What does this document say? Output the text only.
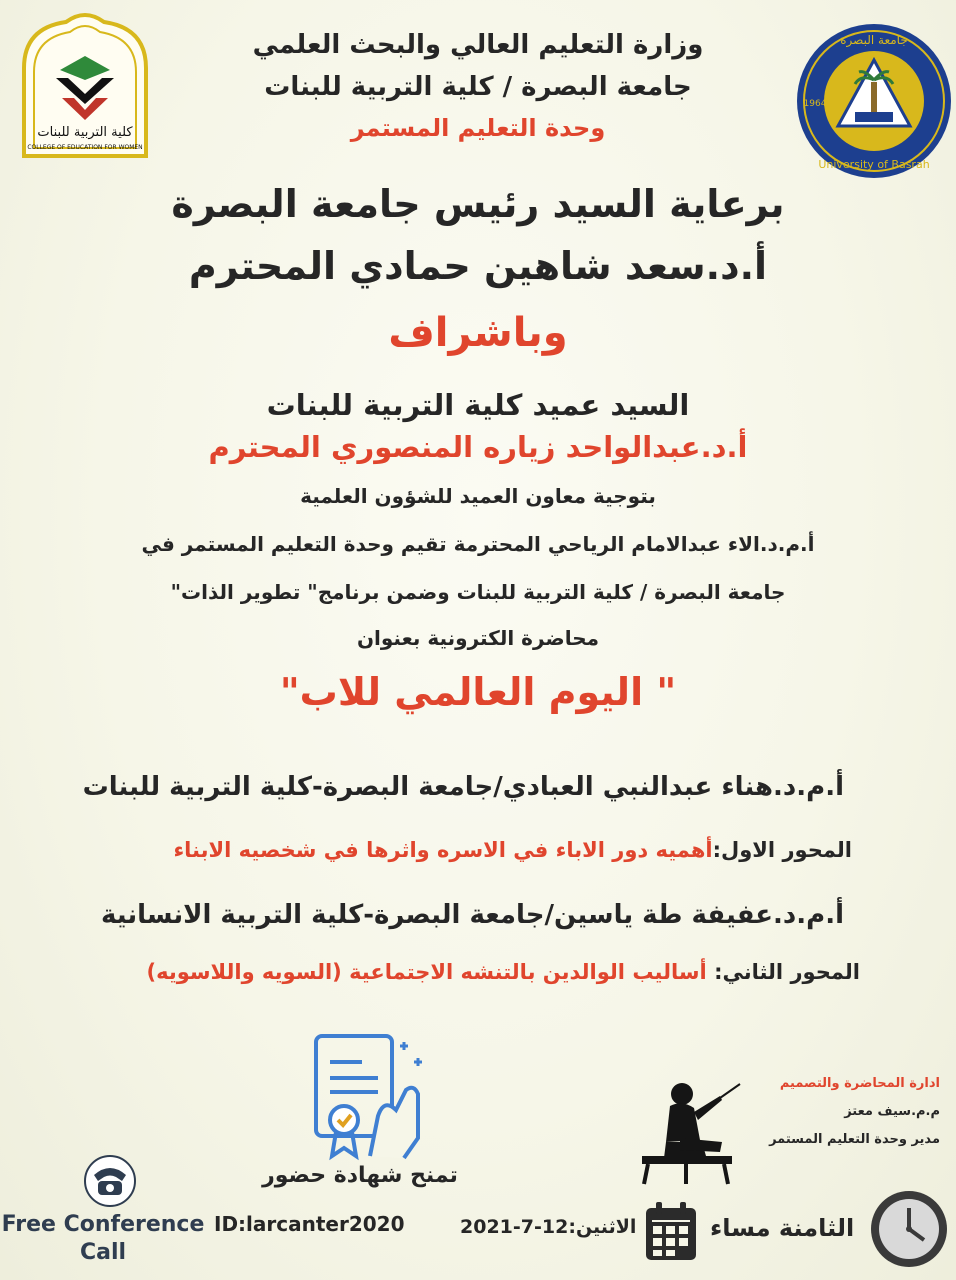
كلية التربية للبنات
COLLEGE OF EDUCATION FOR WOMEN
جامعة البصرة
University of Basrah
1964
وزارة التعليم العالي والبحث العلمي
جامعة البصرة / كلية التربية للبنات
وحدة التعليم المستمر
برعاية السيد رئيس جامعة البصرة
أ.د.سعد شاهين حمادي المحترم
وباشراف
السيد عميد كلية التربية للبنات
أ.د.عبدالواحد زياره المنصوري المحترم
بتوجية معاون العميد للشؤون العلمية
أ.م.د.الاء عبدالامام الرياحي المحترمة تقيم وحدة التعليم المستمر في
جامعة البصرة / كلية التربية للبنات وضمن برنامج" تطوير الذات"
محاضرة الكترونية بعنوان
" اليوم العالمي للاب"
أ.م.د.هناء عبدالنبي العبادي/جامعة البصرة-كلية التربية للبنات
المحور الاول:أهميه دور الاباء في الاسره واثرها في شخصيه الابناء
أ.م.د.عفيفة طة ياسين/جامعة البصرة-كلية التربية الانسانية
المحور الثاني: أساليب الوالدين بالتنشه الاجتماعية (السويه واللاسويه)
تمنح شهادة حضور
ادارة المحاضرة والتصميم
م.م.سيف معتز
مدير وحدة التعليم المستمر
Free Conference
Call
ID:larcanter2020	الاثنين:12-7-2021	الثامنة مساء
